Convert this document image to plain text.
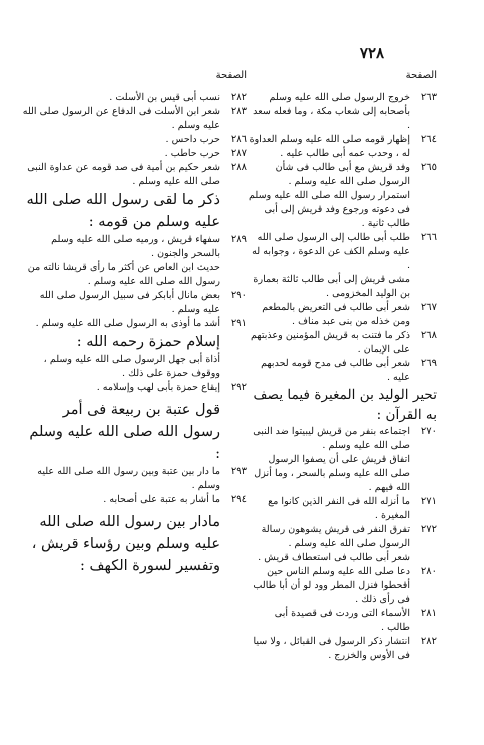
٧٢٨
الصفحة
٢٦٣
خروج الرسول صلى الله عليه وسلم بأصحابه إلى شعاب مكة ، وما فعله سعد .
٢٦٤
إظهار قومه صلى الله عليه وسلم العداوة له ، وحدب عمه أبى طالب عليه .
٢٦٥
وفد قريش مع أبى طالب فى شأن الرسول صلى الله عليه وسلم .
استمرار رسول الله صلى الله عليه وسلم فى دعوته ورجوع وفد قريش إلى أبى طالب ثانية .
٢٦٦
طلب أبى طالب إلى الرسول صلى الله عليه وسلم الكف عن الدعوة ، وجوابه له .
مشى قريش إلى أبى طالب ثالثة بعمارة بن الوليد المخزومى .
٢٦٧
شعر أبى طالب فى التعريض بالمطعم ومن خذله من بنى عبد مناف .
٢٦٨
ذكر ما فتنت به قريش المؤمنين وعذبتهم على الإيمان .
٢٦٩
شعر أبى طالب فى مدح قومه لحدبهم عليه .
تحير الوليد بن المغيرة فيما يصف به القرآن :
٢٧٠
اجتماعه بنفر من قريش ليبيتوا ضد النبى صلى الله عليه وسلم .
اتفاق قريش على أن يصفوا الرسول صلى الله عليه وسلم بالسحر ، وما أنزل الله فيهم .
٢٧١
ما أنزله الله فى النفر الذين كانوا مع المغيرة .
٢٧٢
تفرق النفر فى قريش يشوهون رسالة الرسول صلى الله عليه وسلم .
شعر أبى طالب فى استعطاف قريش .
٢٨٠
دعا صلى الله عليه وسلم الناس حين أقحطوا فنزل المطر وود لو أن أبا طالب فى رأى ذلك .
٢٨١
الأسماء التى وردت فى قصيدة أبى طالب .
٢٨٢
انتشار ذكر الرسول فى القبائل ، ولا سيا فى الأوس والخزرج .
الصفحة
٢٨٢
نسب أبى قيس بن الأسلت .
٢٨٣
شعر ابن الأسلت فى الدفاع عن الرسول صلى الله عليه وسلم .
٢٨٦
حرب داحس .
٢٨٧
حرب حاطب .
٢٨٨
شعر حكيم بن أمية فى صد قومه عن عداوة النبى صلى الله عليه وسلم .
ذكر ما لقى رسول الله صلى الله عليه وسلم من قومه :
٢٨٩
سفهاء قريش ، ورميه صلى الله عليه وسلم بالسحر والجنون .
حديث ابن العاص عن أكثر ما رأى قريشا نالته من رسول الله صلى الله عليه وسلم .
٢٩٠
بعض مانال أبابكر فى سبيل الرسول صلى الله عليه وسلم .
٢٩١
أشد ما أوذى به الرسول صلى الله عليه وسلم .
إسلام حمزة رحمه الله :
أذاة أبى جهل الرسول صلى الله عليه وسلم ، ووقوف حمزة على ذلك .
٢٩٢
إيقاع حمزة بأبى لهب وإسلامه .
قول عتبة بن ربيعة فى أمر رسول الله صلى الله عليه وسلم :
٢٩٣
ما دار بين عتبة وبين رسول الله صلى الله عليه وسلم .
٢٩٤
ما أشار به عتبة على أصحابه .
مادار بين رسول الله صلى الله عليه وسلم وبين رؤساء قريش ، وتفسير لسورة الكهف :
